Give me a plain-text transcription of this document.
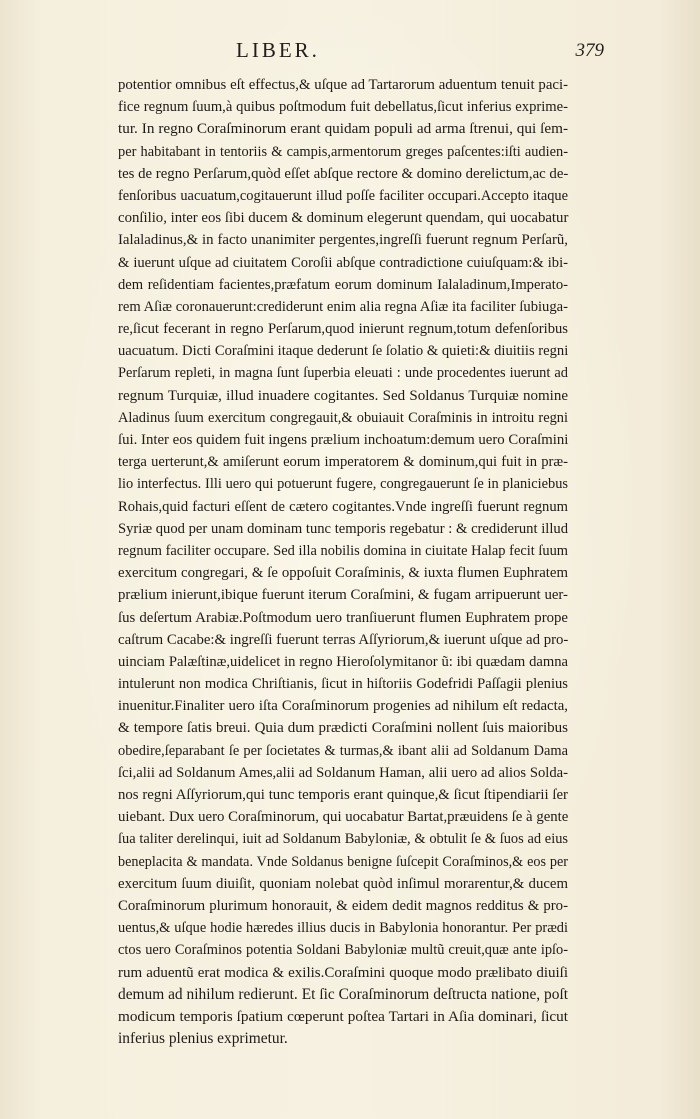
LIBER.	379
potentior omnibus eſt effectus,& uſque ad Tartarorum aduentum tenuit paci-
fice regnum ſuum,à quibus poſtmodum fuit debellatus,ſicut inferius exprime-
tur. In regno Coraſminorum erant quidam populi ad arma ſtrenui, qui ſem-
per habitabant in tentoriis & campis,armentorum greges paſcentes:iſti audien-
tes de regno Perſarum,quòd eſſet abſque rectore & domino derelictum,ac de-
fenſoribus uacuatum,cogitauerunt illud poſſe faciliter occupari.Accepto itaque
conſilio, inter eos ſibi ducem & dominum elegerunt quendam, qui uocabatur
Ialaladinus,& in facto unanimiter pergentes,ingreſſi fuerunt regnum Perſarũ,
& iuerunt uſque ad ciuitatem Coroſii abſque contradictione cuiuſquam:& ibi-
dem reſidentiam facientes,præfatum eorum dominum Ialaladinum,Imperato-
rem Aſiæ coronauerunt:crediderunt enim alia regna Aſiæ ita faciliter ſubiuga-
re,ſicut fecerant in regno Perſarum,quod inierunt regnum,totum defenſoribus
uacuatum. Dicti Coraſmini itaque dederunt ſe ſolatio & quieti:& diuitiis regni
Perſarum repleti, in magna ſunt ſuperbia eleuati : unde procedentes iuerunt ad
regnum Turquiæ, illud inuadere cogitantes. Sed Soldanus Turquiæ nomine
Aladinus ſuum exercitum congregauit,& obuiauit Coraſminis in introitu regni
ſui. Inter eos quidem fuit ingens prælium inchoatum:demum uero Coraſmini
terga uerterunt,& amiſerunt eorum imperatorem & dominum,qui fuit in præ-
lio interfectus. Illi uero qui potuerunt fugere, congregauerunt ſe in planiciebus
Rohais,quid facturi eſſent de cætero cogitantes.Vnde ingreſſi fuerunt regnum
Syriæ quod per unam dominam tunc temporis regebatur : & crediderunt illud
regnum faciliter occupare. Sed illa nobilis domina in ciuitate Halap fecit ſuum
exercitum congregari, & ſe oppoſuit Coraſminis, & iuxta flumen Euphratem
prælium inierunt,ibique fuerunt iterum Coraſmini, & fugam arripuerunt uer-
ſus deſertum Arabiæ.Poſtmodum uero tranſiuerunt flumen Euphratem prope
caſtrum Cacabe:& ingreſſi fuerunt terras Aſſyriorum,& iuerunt uſque ad pro-
uinciam Palæſtinæ,uidelicet in regno Hieroſolymitanor ũ: ibi quædam damna
intulerunt non modica Chriſtianis, ſicut in hiſtoriis Godefridi Paſſagii plenius
inuenitur.Finaliter uero iſta Coraſminorum progenies ad nihilum eſt redacta,
& tempore ſatis breui. Quia dum prædicti Coraſmini nollent ſuis maioribus
obedire,ſeparabant ſe per ſocietates & turmas,& ibant alii ad Soldanum Dama
ſci,alii ad Soldanum Ames,alii ad Soldanum Haman, alii uero ad alios Solda-
nos regni Aſſyriorum,qui tunc temporis erant quinque,& ſicut ſtipendiarii ſer
uiebant. Dux uero Coraſminorum, qui uocabatur Bartat,præuidens ſe à gente
ſua taliter derelinqui, iuit ad Soldanum Babyloniæ, & obtulit ſe & ſuos ad eius
beneplacita & mandata. Vnde Soldanus benigne ſuſcepit Coraſminos,& eos per
exercitum ſuum diuiſit, quoniam nolebat quòd inſimul morarentur,& ducem
Coraſminorum plurimum honorauit, & eidem dedit magnos redditus & pro-
uentus,& uſque hodie hæredes illius ducis in Babylonia honorantur. Per prædi
ctos uero Coraſminos potentia Soldani Babyloniæ multũ creuit,quæ ante ipſo-
rum aduentũ erat modica & exilis.Coraſmini quoque modo prælibato diuiſi
demum ad nihilum redierunt. Et ſic Coraſminorum deſtructa natione, poſt
modicum temporis ſpatium cœperunt poſtea Tartari in Aſia dominari, ſicut
inferius plenius exprimetur.
